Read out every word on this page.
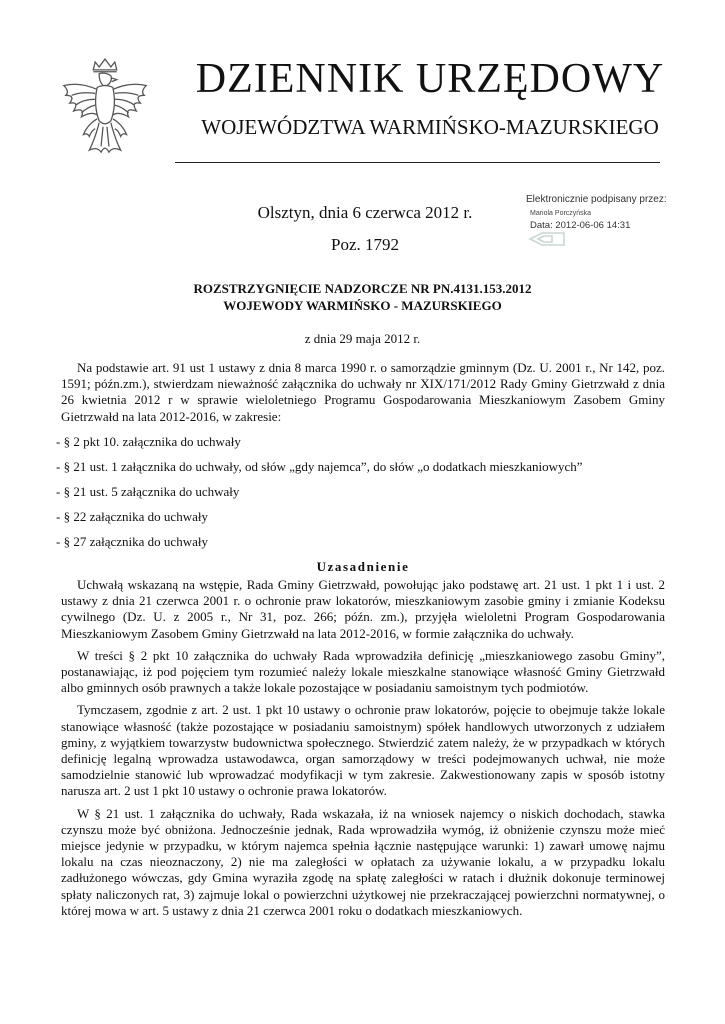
DZIENNIK URZĘDOWY
WOJEWÓDZTWA WARMIŃSKO-MAZURSKIEGO
Olsztyn, dnia 6 czerwca 2012 r.
Poz. 1792
Elektronicznie podpisany przez:
Mariola Porczyńska
Data: 2012-06-06 14:31
ROZSTRZYGNIĘCIE NADZORCZE NR PN.4131.153.2012
WOJEWODY WARMIŃSKO - MAZURSKIEGO
z dnia 29 maja 2012 r.

Na podstawie art. 91 ust 1 ustawy z dnia 8 marca 1990 r. o samorządzie gminnym (Dz. U. 2001 r., Nr 142, poz. 1591; późn.zm.), stwierdzam nieważność załącznika do uchwały nr XIX/171/2012 Rady Gminy Gietrzwałd z dnia 26 kwietnia 2012 r w sprawie wieloletniego Programu Gospodarowania Mieszkaniowym Zasobem Gminy Gietrzwałd na lata 2012-2016, w zakresie:

- § 2 pkt 10. załącznika do uchwały
- § 21 ust. 1 załącznika do uchwały, od słów „gdy najemca”, do słów „o dodatkach mieszkaniowych”
- § 21 ust. 5 załącznika do uchwały
- § 22 załącznika do uchwały
- § 27 załącznika do uchwały
Uzasadnienie

Uchwałą wskazaną na wstępie, Rada Gminy Gietrzwałd, powołując jako podstawę art. 21 ust. 1 pkt 1 i ust. 2 ustawy z dnia 21 czerwca 2001 r. o ochronie praw lokatorów, mieszkaniowym zasobie gminy i zmianie Kodeksu cywilnego (Dz. U. z 2005 r., Nr 31, poz. 266; późn. zm.), przyjęła wieloletni Program Gospodarowania Mieszkaniowym Zasobem Gminy Gietrzwałd na lata 2012-2016, w formie załącznika do uchwały.

W treści § 2 pkt 10 załącznika do uchwały Rada wprowadziła definicję „mieszkaniowego zasobu Gminy”, postanawiając, iż pod pojęciem tym rozumieć należy lokale mieszkalne stanowiące własność Gminy Gietrzwałd albo gminnych osób prawnych a także lokale pozostające w posiadaniu samoistnym tych podmiotów.

Tymczasem, zgodnie z art. 2 ust. 1 pkt 10 ustawy o ochronie praw lokatorów, pojęcie to obejmuje także lokale stanowiące własność (także pozostające w posiadaniu samoistnym) spółek handlowych utworzonych z udziałem gminy, z wyjątkiem towarzystw budownictwa społecznego. Stwierdzić zatem należy, że w przypadkach w których definicję legalną wprowadza ustawodawca, organ samorządowy w treści podejmowanych uchwał, nie może samodzielnie stanowić lub wprowadzać modyfikacji w tym zakresie. Zakwestionowany zapis w sposób istotny narusza art. 2 ust 1 pkt 10 ustawy o ochronie prawa lokatorów.

W § 21 ust. 1 załącznika do uchwały, Rada wskazała, iż na wniosek najemcy o niskich dochodach, stawka czynszu może być obniżona. Jednocześnie jednak, Rada wprowadziła wymóg, iż obniżenie czynszu może mieć miejsce jedynie w przypadku, w którym najemca spełnia łącznie następujące warunki: 1) zawarł umowę najmu lokalu na czas nieoznaczony, 2) nie ma zaległości w opłatach za używanie lokalu, a w przypadku lokalu zadłużonego wówczas, gdy Gmina wyraziła zgodę na spłatę zaległości w ratach i dłużnik dokonuje terminowej spłaty naliczonych rat, 3) zajmuje lokal o powierzchni użytkowej nie przekraczającej powierzchni normatywnej, o której mowa w art. 5 ustawy z dnia 21 czerwca 2001 roku o dodatkach mieszkaniowych.
